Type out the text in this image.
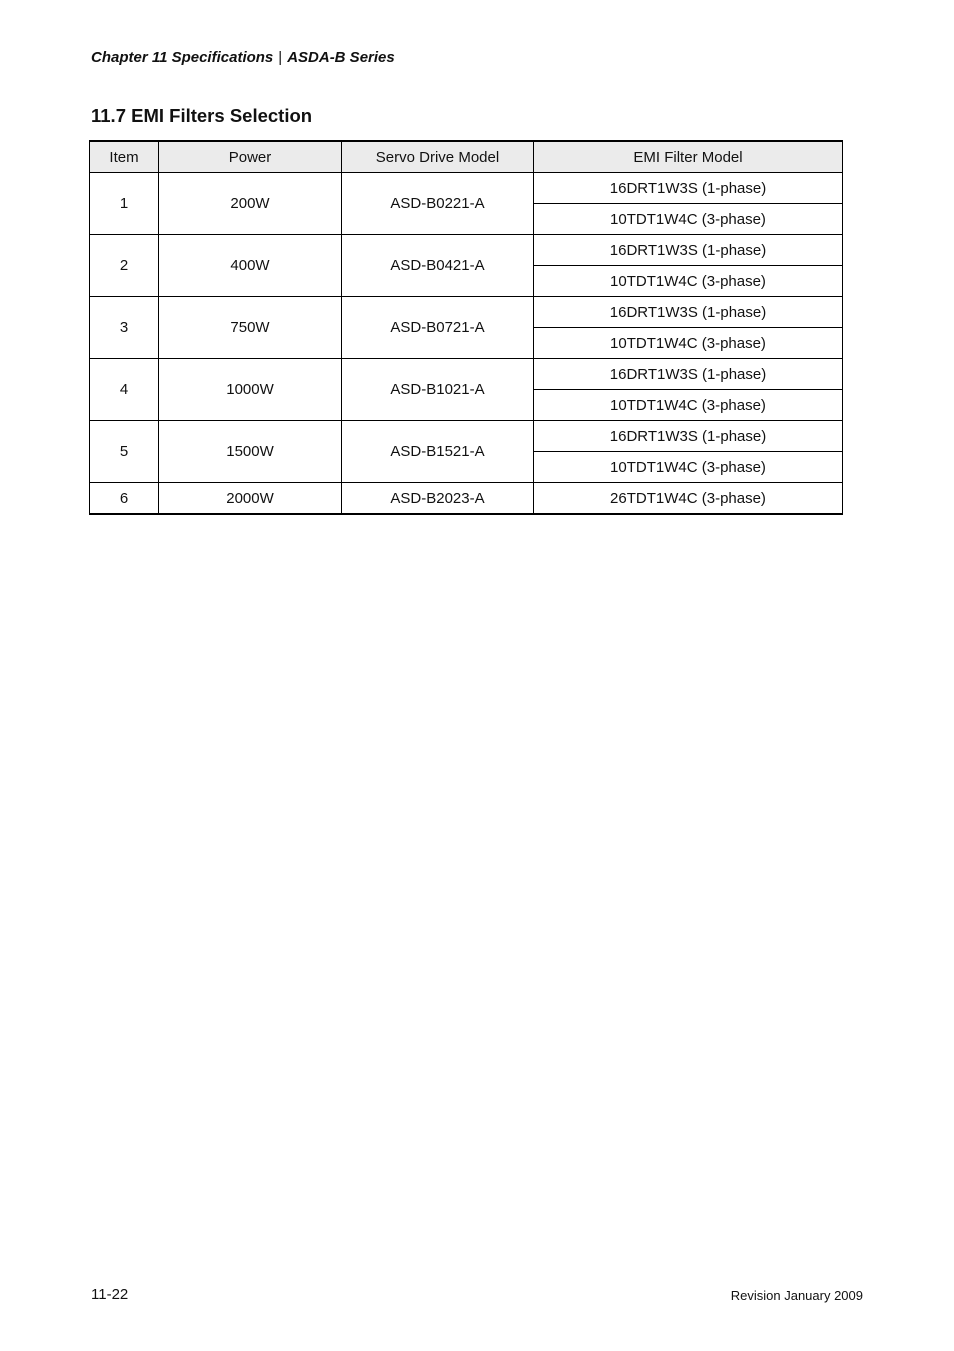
Chapter 11 Specifications | ASDA-B Series
11.7 EMI Filters Selection
Item	Power	Servo Drive Model	EMI Filter Model
1	200W	ASD-B0221-A	16DRT1W3S (1-phase)
			10TDT1W4C (3-phase)
2	400W	ASD-B0421-A	16DRT1W3S (1-phase)
			10TDT1W4C (3-phase)
3	750W	ASD-B0721-A	16DRT1W3S (1-phase)
			10TDT1W4C (3-phase)
4	1000W	ASD-B1021-A	16DRT1W3S (1-phase)
			10TDT1W4C (3-phase)
5	1500W	ASD-B1521-A	16DRT1W3S (1-phase)
			10TDT1W4C (3-phase)
6	2000W	ASD-B2023-A	26TDT1W4C (3-phase)
11-22	Revision January 2009
